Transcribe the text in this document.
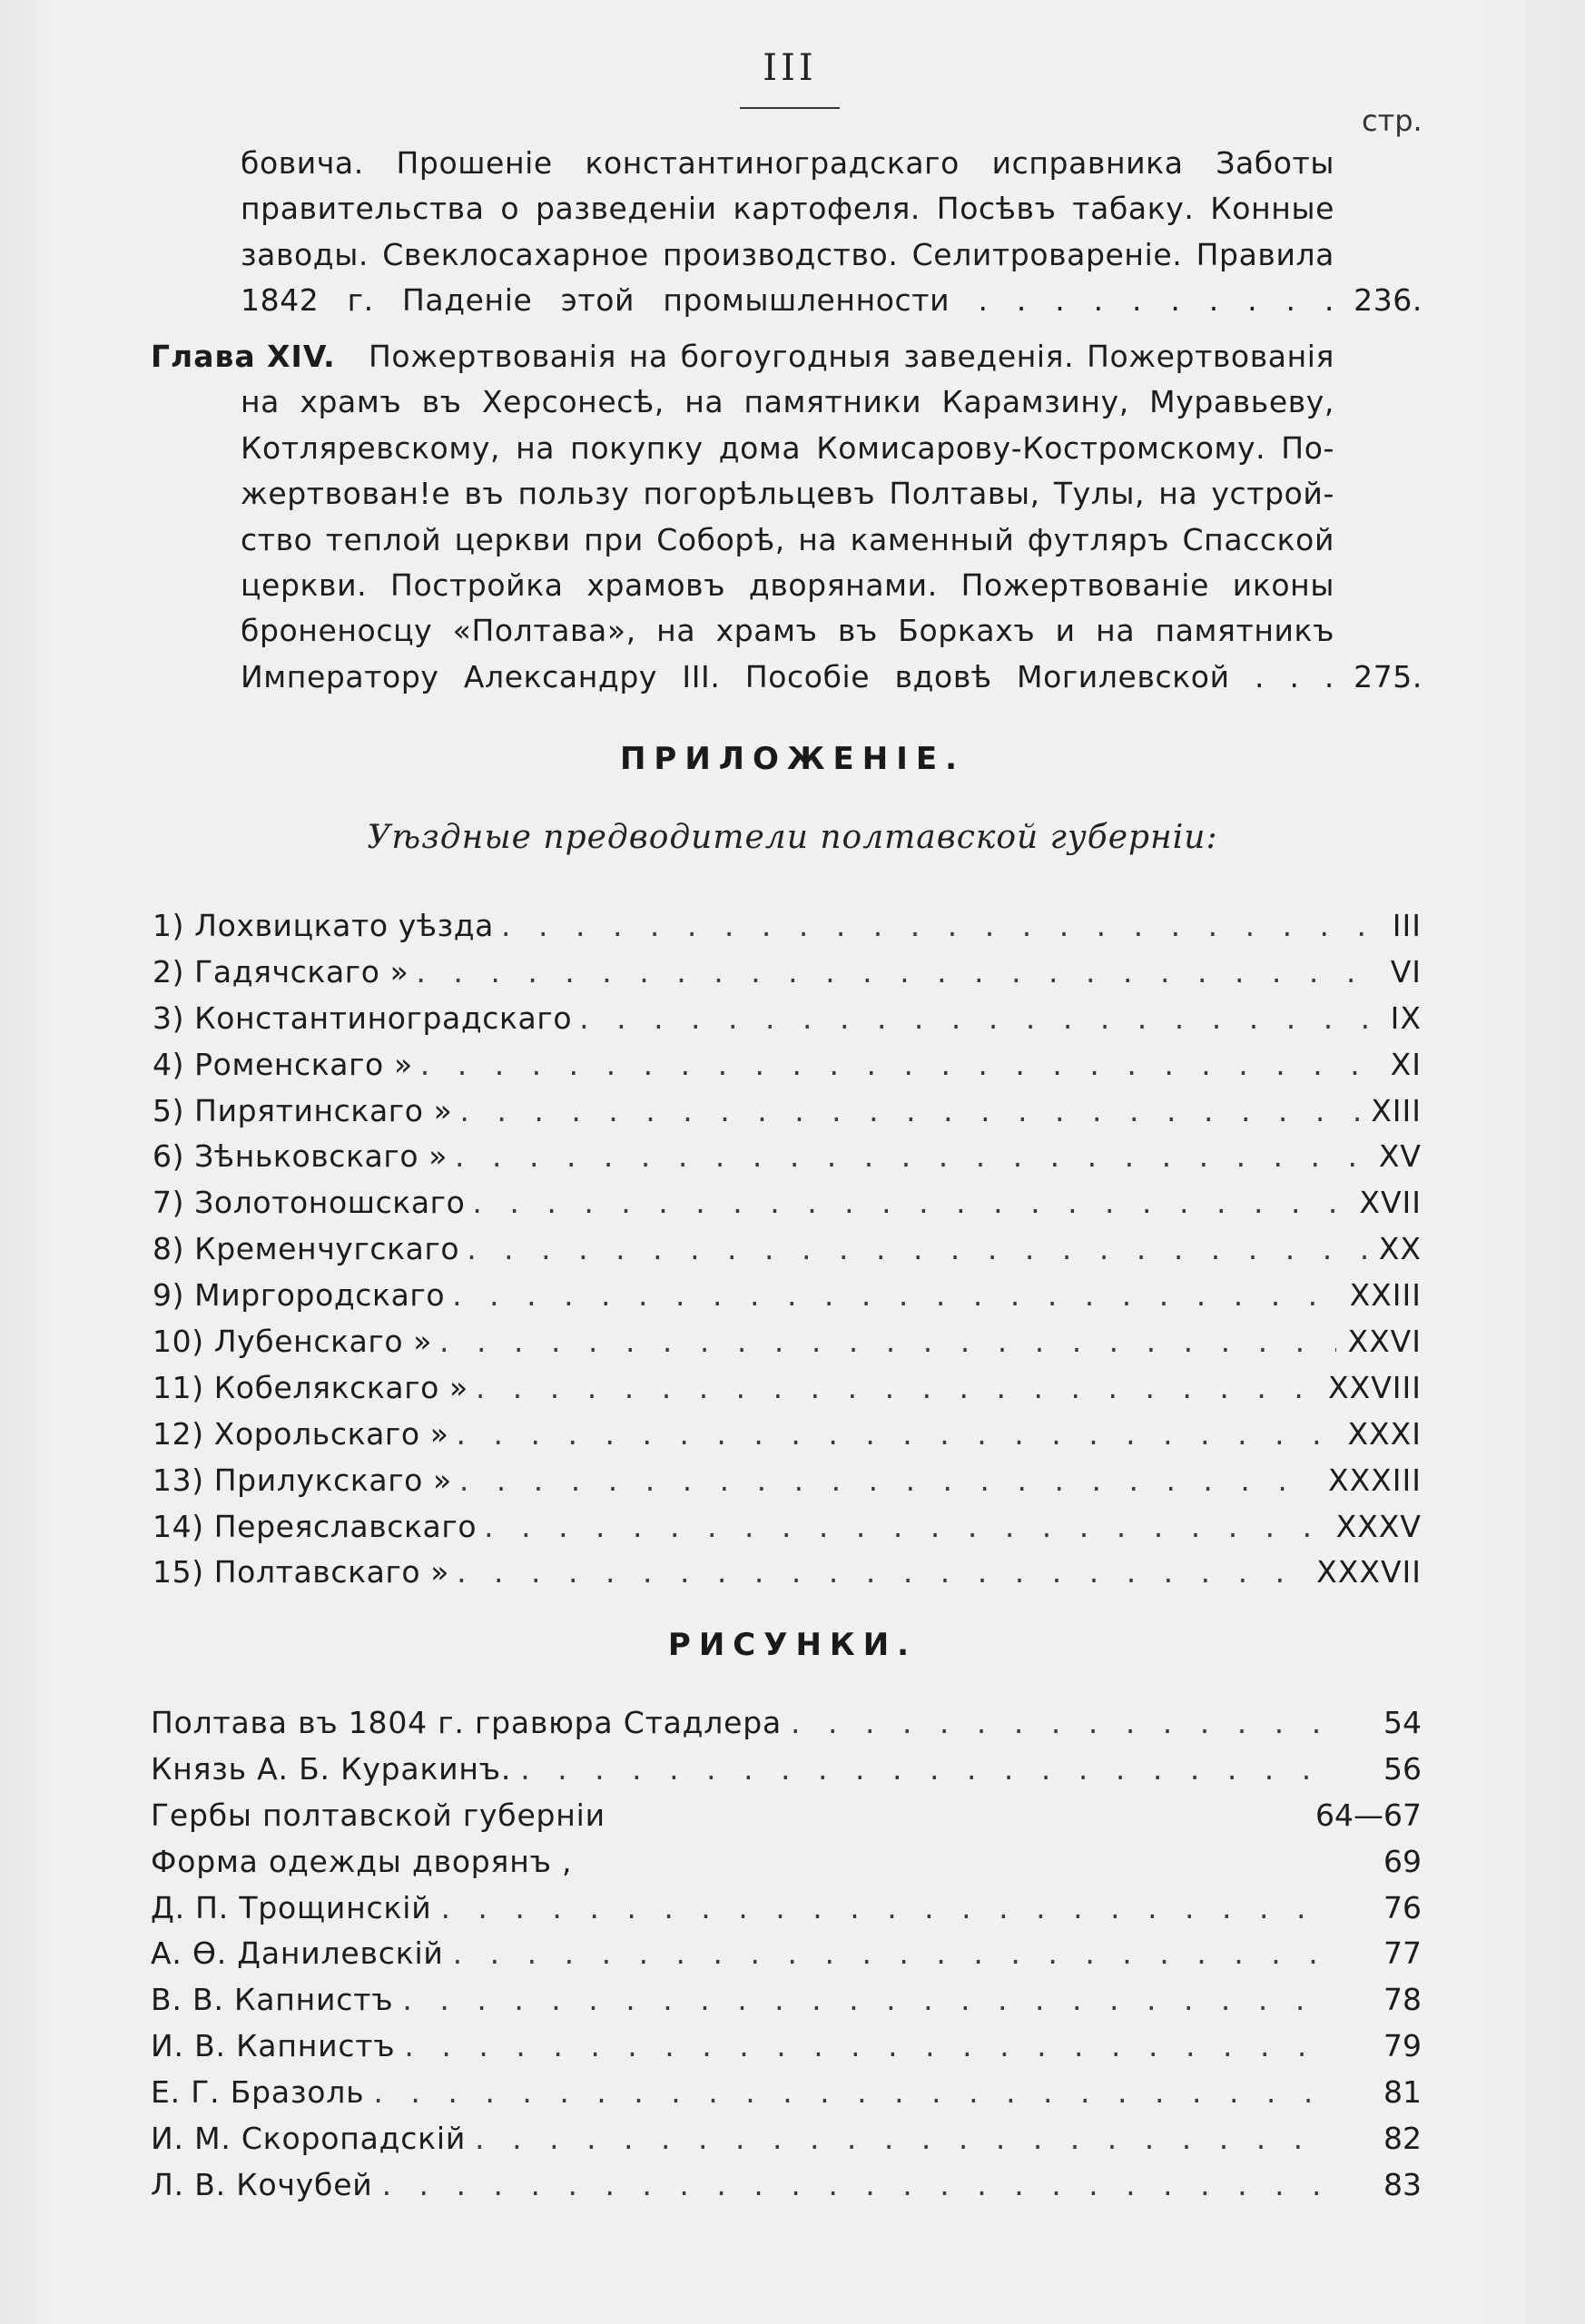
III
стр.
бовича. Прошеніе константиноградскаго исправника Заботы
правительства о разведеніи картофеля. Посѣвъ табаку. Конные
заводы. Свеклосахарное производство. Селитровареніе. Правила
1842 г. Паденіе этой промышленности . . . . . . . . . . 236.
Глава XIV. Пожертвованія на богоугодныя заведенія. Пожертвованія
на храмъ въ Херсонесѣ, на памятники Карамзину, Муравьеву,
Котляревскому, на покупку дома Комисарову-Костромскому. По-
жертвован!е въ пользу погорѣльцевъ Полтавы, Тулы, на устрой-
ство теплой церкви при Соборѣ, на каменный футляръ Спасской
церкви. Постройка храмовъ дворянами. Пожертвованіе иконы
броненосцу «Полтава», на храмъ въ Боркахъ и на памятникъ
Императору Александру III. Пособіе вдовѣ Могилевской . . . 275.
ПРИЛОЖЕНІЕ.
Уѣздные предводители полтавской губерніи:
1) Лохвицкато уѣзда . . .	III
2) Гадячскаго » . . .	VI
3) Константиноградскаго . . .	IX
4) Роменскаго » . . .	XI
5) Пирятинскаго » . . .	XIII
6) Зѣньковскаго » . . .	XV
7) Золотоношскаго . . .	XVII
8) Кременчугскаго . . .	XX
9) Миргородскаго . . .	XXIII
10) Лубенскаго » . . .	XXVI
11) Кобелякскаго » . . .	XXVIII
12) Хорольскаго » . . .	XXXI
13) Прилукскаго » . . .	XXXIII
14) Переяславскаго . . .	XXXV
15) Полтавскаго » . . .	XXXVII
РИСУНКИ.
Полтава въ 1804 г. гравюра Стадлера . . .	54
Князь А. Б. Куракинъ. . . .	56
Гербы полтавской губерніи	64—67
Форма одежды дворянъ ,	69
Д. П. Трощинскій . . .	76
А. Ѳ. Данилевскій . . .	77
В. В. Капнистъ . . .	78
И. В. Капнистъ . . .	79
Е. Г. Бразоль . . .	81
И. М. Скоропадскій . . .	82
Л. В. Кочубей . . .	83
